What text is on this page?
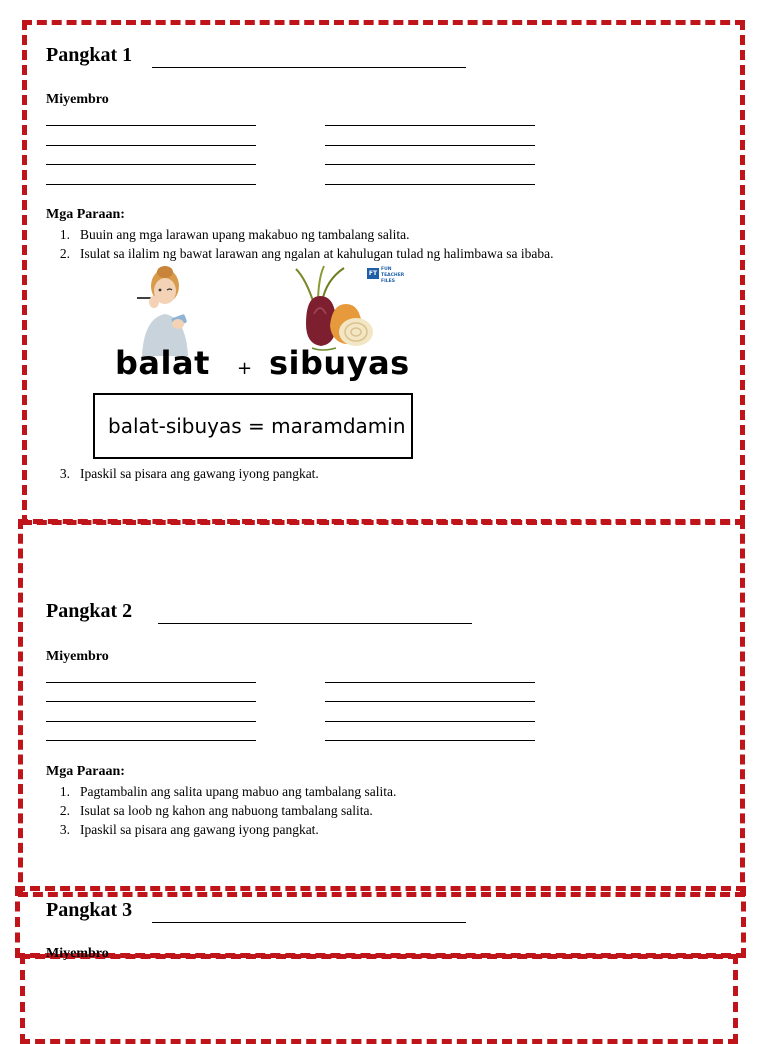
Pangkat 1
Miyembro
Mga Paraan:
1. Buuin ang mga larawan upang makabuo ng tambalang salita.
2. Isulat sa ilalim ng bawat larawan ang ngalan at kahulugan tulad ng halimbawa sa ibaba.
FT
FUN TEACHER FILES
balat + sibuyas
balat-sibuyas = maramdamin
3. Ipaskil sa pisara ang gawang iyong pangkat.
Pangkat 2
Miyembro
Mga Paraan:
1. Pagtambalin ang salita upang mabuo ang tambalang salita.
2. Isulat sa loob ng kahon ang nabuong tambalang salita.
3. Ipaskil sa pisara ang gawang iyong pangkat.
Pangkat 3
Miyembro
